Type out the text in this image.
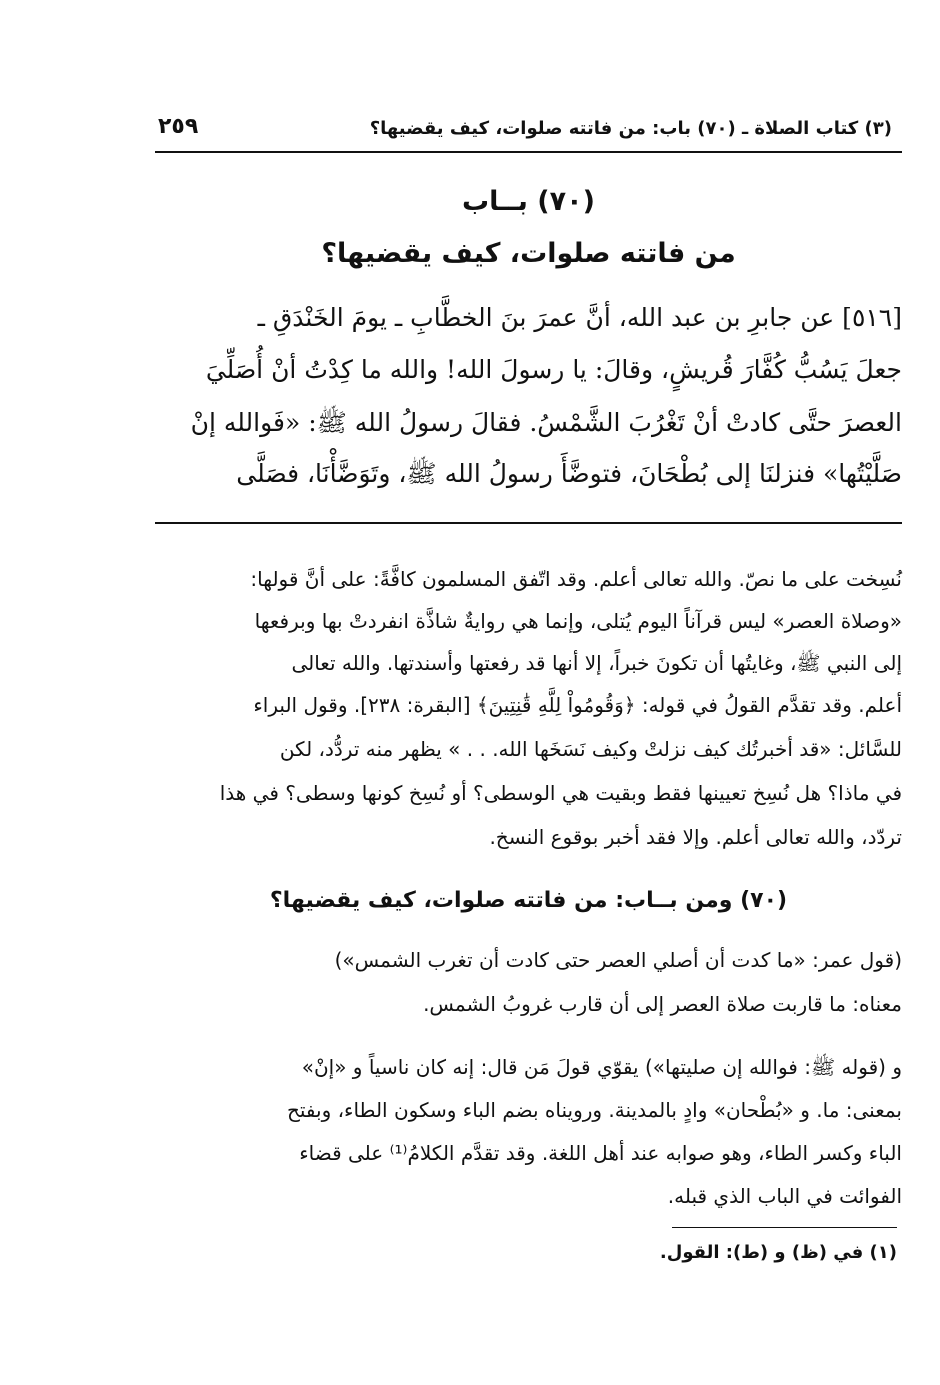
(٣) كتاب الصلاة ـ (٧٠) باب: من فاتته صلوات، كيف يقضيها؟
٢٥٩
(٧٠) بــاب
من فاتته صلوات، كيف يقضيها؟
[٥١٦] عن جابرِ بن عبد الله، أنَّ عمرَ بنَ الخطَّابِ ـ يومَ الخَنْدَقِ ـ
جعلَ يَسُبُّ كُفَّارَ قُريشٍ، وقالَ: يا رسولَ الله! والله ما كِدْتُ أنْ أُصَلِّيَ
العصرَ حتَّى كادتْ أنْ تَغْرُبَ الشَّمْسُ. فقالَ رسولُ الله ﷺ: «فَوالله إنْ
صَلَّيْتُها» فنزلنَا إلى بُطْحَانَ، فتوضَّأَ رسولُ الله ﷺ، وتَوَضَّأْنَا، فصَلَّى
نُسِخت على ما نصّ. والله تعالى أعلم. وقد اتّفق المسلمون كافَّةً: على أنَّ قولها:
«وصلاة العصر» ليس قرآناً اليوم يُتلى، وإنما هي روايةٌ شاذَّة انفردتْ بها وبرفعها
إلى النبي ﷺ، وغايتُها أن تكونَ خبراً، إلا أنها قد رفعتها وأسندتها. والله تعالى
أعلم. وقد تقدَّم القولُ في قوله: ﴿وَقُومُواْ لِلَّهِ قَٰنِتِينَ﴾ [البقرة: ٢٣٨]. وقول البراء
للسَّائل: «قد أخبرتُك كيف نزلتْ وكيف نَسَخَها الله. . . » يظهر منه تردُّد، لكن
في ماذا؟ هل نُسِخ تعيينها فقط وبقيت هي الوسطى؟ أو نُسِخ كونها وسطى؟ في هذا
تردّد، والله تعالى أعلم. وإلا فقد أخبر بوقوع النسخ.
(٧٠) ومن بــاب: من فاتته صلوات، كيف يقضيها؟
(قول عمر: «ما كدت أن أصلي العصر حتى كادت أن تغرب الشمس»)
معناه: ما قاربت صلاة العصر إلى أن قارب غروبُ الشمس.
و (قوله ﷺ: فوالله إن صليتها») يقوّي قولَ مَن قال: إنه كان ناسياً و «إنْ»
بمعنى: ما. و «بُطْحان» وادٍ بالمدينة. ورويناه بضم الباء وسكون الطاء، وبفتح
الباء وكسر الطاء، وهو صوابه عند أهل اللغة. وقد تقدَّم الكلامُ⁽¹⁾ على قضاء
الفوائت في الباب الذي قبله.
(١) في (ظ) و (ط): القول.
